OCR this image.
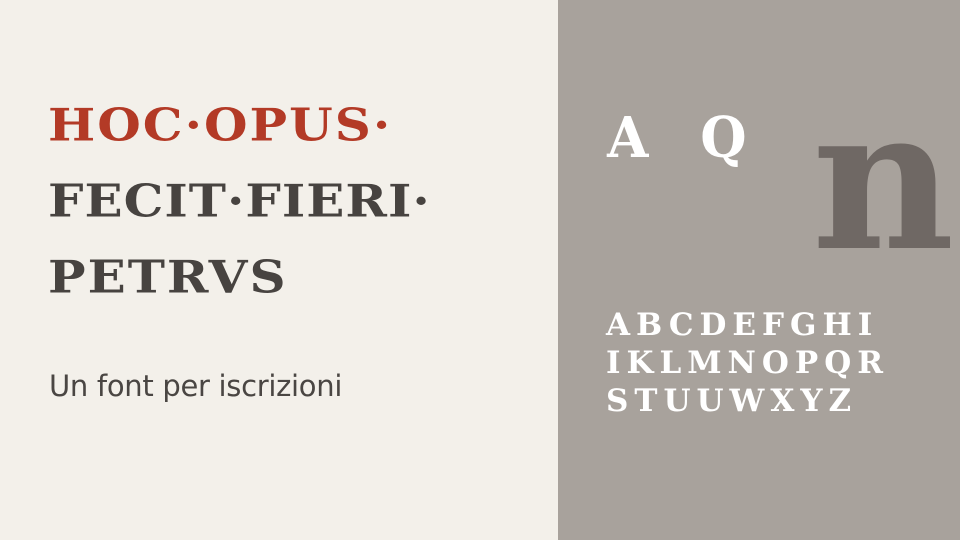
HOC·OPUS·

FECIT·FIERI·

PETRVS

Un font per iscrizioni

A Q n

ABCDEFGHI

IKLMNOPQR

STUUWXYZ
